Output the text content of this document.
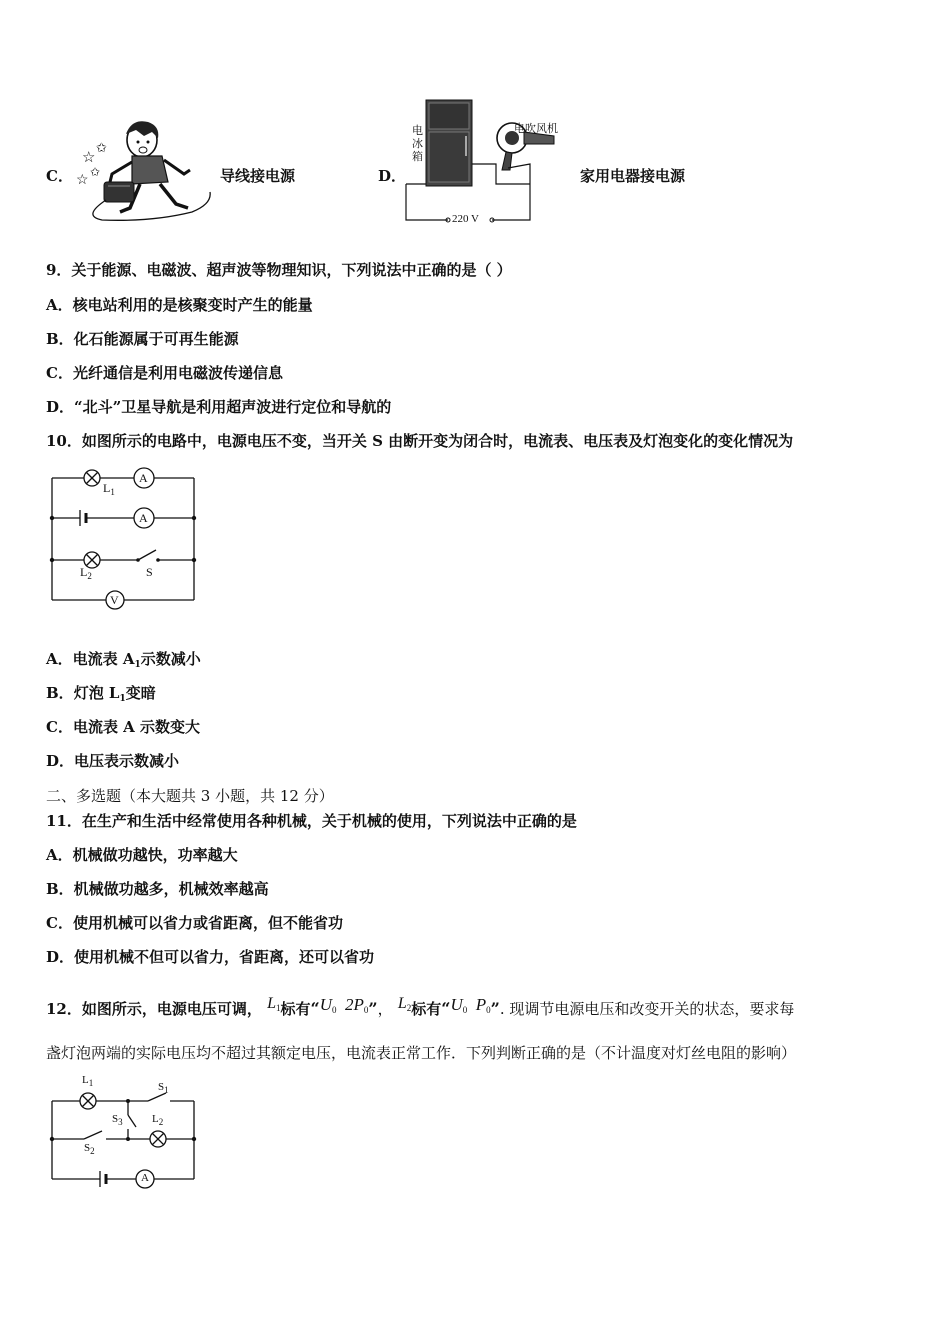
C．
☆
✩
☆
✩	导线接电源	D．
电冰箱
电吹风机
220 V
家用电器接电源
9．关于能源、电磁波、超声波等物理知识，下列说法中正确的是（ ）
A．核电站利用的是核聚变时产生的能量
B．化石能源属于可再生能源
C．光纤通信是利用电磁波传递信息
D．“北斗”卫星导航是利用超声波进行定位和导航的
10．如图所示的电路中，电源电压不变，当开关 S 由断开变为闭合时，电流表、电压表及灯泡变化的变化情况为
$L_1$
A
A
$L_2$	S
V
A．电流表 $A_1$示数减小
B．灯泡 $L_1$变暗
C．电流表 A 示数变大
D．电压表示数减小
二、多选题（本大题共 3 小题，共 12 分）
11．在生产和生活中经常使用各种机械，关于机械的使用，下列说法中正确的是
A．机械做功越快，功率越大
B．机械做功越多，机械效率越高
C．使用机械可以省力或省距离，但不能省功
D．使用机械不但可以省力，省距离，还可以省功
12．如图所示，电源电压可调， $L_1$标有“$U_0$ $2P_0$”， $L_2$标有“$U_0$ $P_0$”. 现调节电源电压和改变开关的状态，要求每
盏灯泡两端的实际电压均不超过其额定电压，电流表正常工作．下列判断正确的是（不计温度对灯丝电阻的影响）
$L_1$	$S_1$
$S_3$	$L_2$
$S_2$
A
